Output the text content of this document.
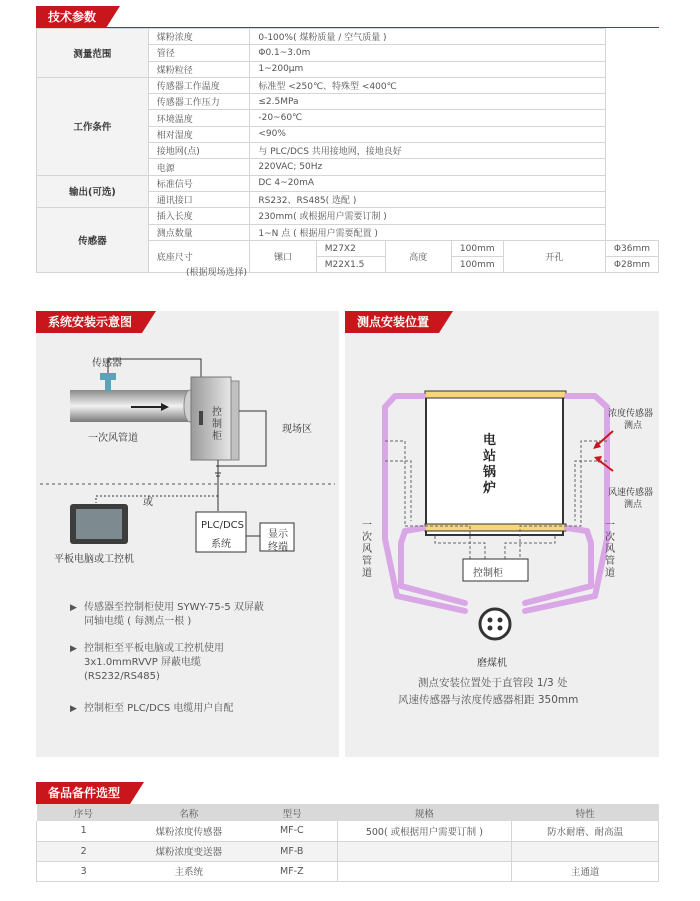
技术参数
测量范围	煤粉浓度	0-100%( 煤粉质量 / 空气质量 )					
	管径	Φ0.1~3.0m					
	煤粉粒径	1~200μm					
工作条件	传感器工作温度	标准型 <250℃、特殊型 <400℃					
	传感器工作压力	≤2.5MPa					
	环境温度	-20~60℃					
	相对湿度	<90%					
	接地网(点)	与 PLC/DCS 共用接地网，接地良好					
	电源	220VAC; 50Hz					
输出(可选)	标准信号	DC 4~20mA					
	通讯接口	RS232、RS485( 选配 )					
传感器	插入长度	230mm( 或根据用户需要订制 )					
	测点数量	1~N 点 ( 根据用户需要配置 )					
	底座尺寸	镙口	M27X2	高度	100mm	开孔	Φ36mm
			M22X1.5		100mm		Φ28mm
(根据现场选择)
系统安装示意图
传感器
一次风管道
控制柜
现场区
或
平板电脑或工控机
PLC/DCS
系统
显示
终端
▶ 传感器至控制柜使用 SYWY-75-5 双屏蔽
同轴电缆 ( 每测点一根 )
▶ 控制柜至平板电脑或工控机使用
3x1.0mmRVVP 屏蔽电缆
(RS232/RS485)
▶ 控制柜至 PLC/DCS 电缆用户自配
测点安装位置
电站锅炉
浓度传感器
测点
风速传感器
测点
一次风管道
一次风管道
控制柜
磨煤机
测点安装位置处于直管段 1/3 处
风速传感器与浓度传感器相距 350mm
备品备件选型
序号	名称	型号	规格	特性
1	煤粉浓度传感器	MF-C	500( 或根据用户需要订制 )	防水耐磨、耐高温
2	煤粉浓度变送器	MF-B		
3	主系统	MF-Z		主通道
